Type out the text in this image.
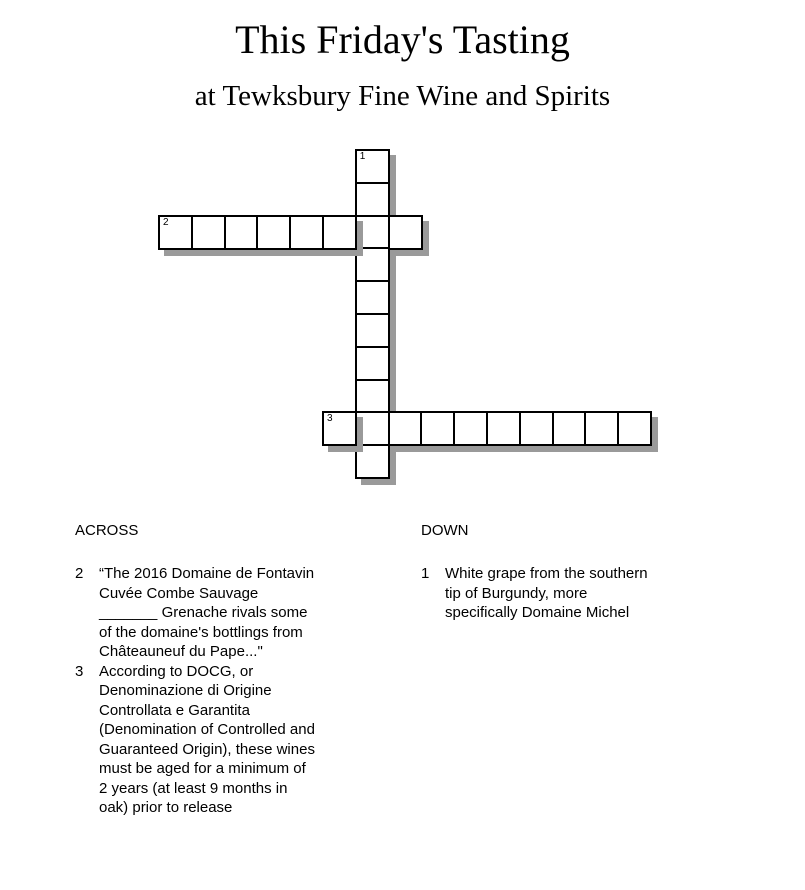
This Friday's Tasting
at Tewksbury Fine Wine and Spirits
1
2
3
ACROSS
2 “The 2016 Domaine de Fontavin Cuvée Combe Sauvage _______ Grenache rivals some of the domaine's bottlings from Châteauneuf du Pape..."
3 According to DOCG, or Denominazione di Origine Controllata e Garantita (Denomination of Controlled and Guaranteed Origin), these wines must be aged for a minimum of 2 years (at least 9 months in oak) prior to release
DOWN
1 White grape from the southern tip of Burgundy, more specifically Domaine Michel
